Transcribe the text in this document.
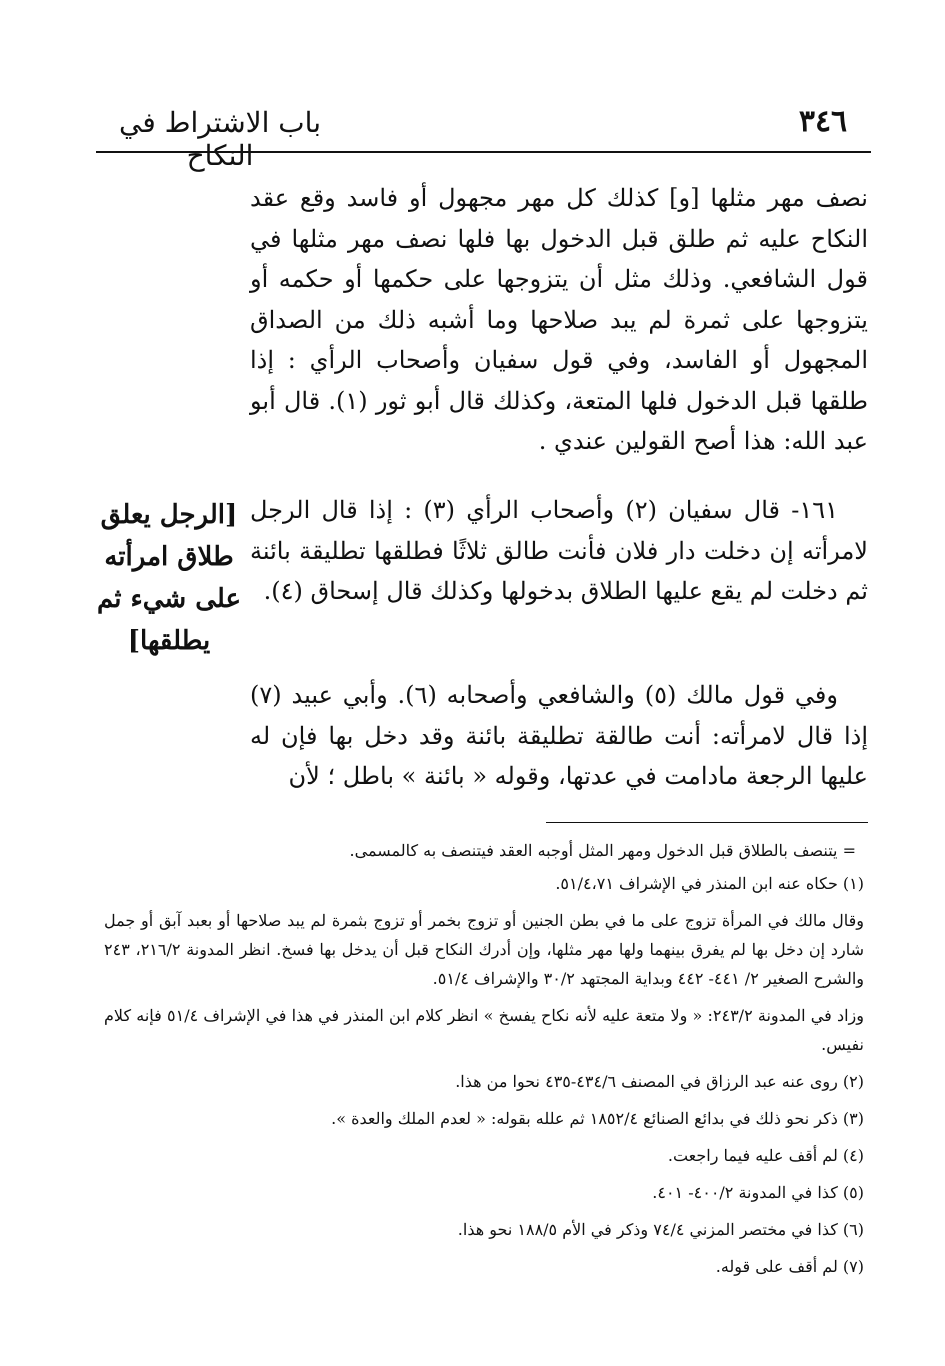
٣٤٦
باب الاشتراط في النكاح

نصف مهر مثلها [و] كذلك كل مهر مجهول أو فاسد وقع عقد النكاح عليه ثم طلق قبل الدخول بها فلها نصف مهر مثلها في قول الشافعي. وذلك مثل أن يتزوجها على حكمها أو حكمه أو يتزوجها على ثمرة لم يبد صلاحها وما أشبه ذلك من الصداق المجهول أو الفاسد، وفي قول سفيان وأصحاب الرأي : إذا طلقها قبل الدخول فلها المتعة، وكذلك قال أبو ثور (١). قال أبو عبد الله: هذا أصح القولين عندي .

١٦١- قال سفيان (٢) وأصحاب الرأي (٣) : إذا قال الرجل لامرأته إن دخلت دار فلان فأنت طالق ثلاثًا فطلقها تطليقة بائنة ثم دخلت لم يقع عليها الطلاق بدخولها وكذلك قال إسحاق (٤).

[الرجل يعلق
طلاق امرأته
على شيء ثم
يطلقها]

وفي قول مالك (٥) والشافعي وأصحابه (٦). وأبي عبيد (٧) إذا قال لامرأته: أنت طالقة تطليقة بائنة وقد دخل بها فإن له عليها الرجعة مادامت في عدتها، وقوله « بائنة » باطل ؛ لأن

= يتنصف بالطلاق قبل الدخول ومهر المثل أوجبه العقد فيتنصف به كالمسمى.

(١) حكاه عنه ابن المنذر في الإشراف ٥١/٤،٧١.

وقال مالك في المرأة تزوج على ما في بطن الجنين أو تزوج بخمر أو تزوج بثمرة لم يبد صلاحها أو بعبد آبق أو جمل شارد إن دخل بها لم يفرق بينهما ولها مهر مثلها، وإن أدرك النكاح قبل أن يدخل بها فسخ. انظر المدونة ٢١٦/٢، ٢٤٣ والشرح الصغير ٢/ ٤٤١- ٤٤٢ وبداية المجتهد ٣٠/٢ والإشراف ٥١/٤.

وزاد في المدونة ٢٤٣/٢: « ولا متعة عليه لأنه نكاح يفسخ » انظر كلام ابن المنذر في هذا في الإشراف ٥١/٤ فإنه كلام نفيس.

(٢) روى عنه عبد الرزاق في المصنف ٤٣٤/٦-٤٣٥ نحوا من هذا.

(٣) ذكر نحو ذلك في بدائع الصنائع ١٨٥٢/٤ ثم علله بقوله: « لعدم الملك والعدة ».

(٤) لم أقف عليه فيما راجعت.

(٥) كذا في المدونة ٤٠٠/٢- ٤٠١.

(٦) كذا في مختصر المزني ٧٤/٤ وذكر في الأم ١٨٨/٥ نحو هذا.

(٧) لم أقف على قوله.
